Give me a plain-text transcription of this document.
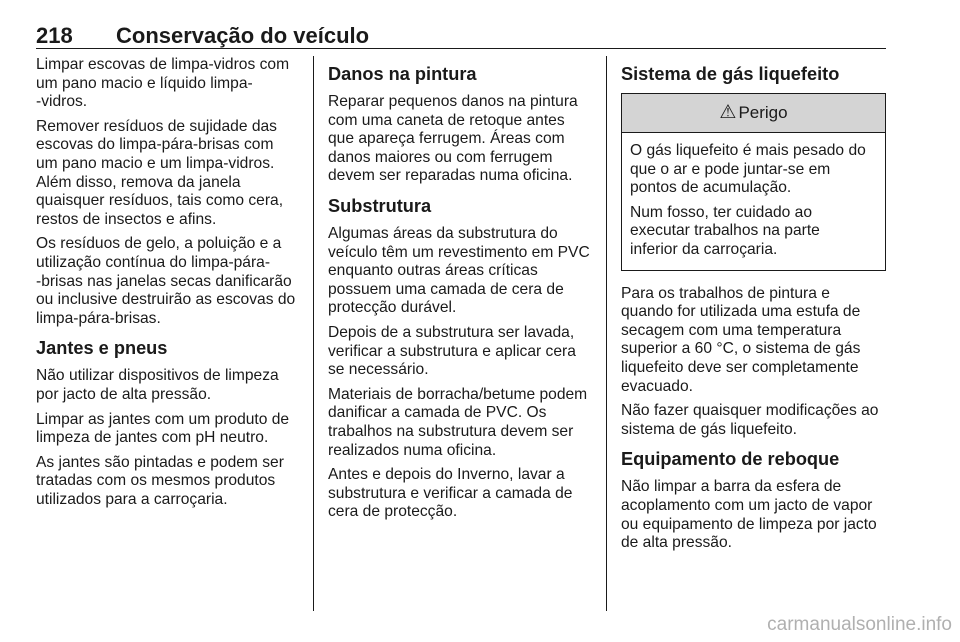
218 Conservação do veículo

Limpar escovas de limpa-vidros com
um pano macio e líquido limpa-
-vidros.

Remover resíduos de sujidade das
escovas do limpa-pára-brisas com
um pano macio e um limpa-vidros.
Além disso, remova da janela
quaisquer resíduos, tais como cera,
restos de insectos e afins.

Os resíduos de gelo, a poluição e a
utilização contínua do limpa-pára-
-brisas nas janelas secas danificarão
ou inclusive destruirão as escovas do
limpa-pára-brisas.

Jantes e pneus

Não utilizar dispositivos de limpeza
por jacto de alta pressão.

Limpar as jantes com um produto de
limpeza de jantes com pH neutro.

As jantes são pintadas e podem ser
tratadas com os mesmos produtos
utilizados para a carroçaria.

Danos na pintura

Reparar pequenos danos na pintura
com uma caneta de retoque antes
que apareça ferrugem. Áreas com
danos maiores ou com ferrugem
devem ser reparadas numa oficina.

Substrutura

Algumas áreas da substrutura do
veículo têm um revestimento em PVC
enquanto outras áreas críticas
possuem uma camada de cera de
protecção durável.

Depois de a substrutura ser lavada,
verificar a substrutura e aplicar cera
se necessário.

Materiais de borracha/betume podem
danificar a camada de PVC. Os
trabalhos na substrutura devem ser
realizados numa oficina.

Antes e depois do Inverno, lavar a
substrutura e verificar a camada de
cera de protecção.

Sistema de gás liquefeito
⚠ Perigo

O gás liquefeito é mais pesado do
que o ar e pode juntar-se em
pontos de acumulação.

Num fosso, ter cuidado ao
executar trabalhos na parte
inferior da carroçaria.

Para os trabalhos de pintura e
quando for utilizada uma estufa de
secagem com uma temperatura
superior a 60 °C, o sistema de gás
liquefeito deve ser completamente
evacuado.

Não fazer quaisquer modificações ao
sistema de gás liquefeito.

Equipamento de reboque

Não limpar a barra da esfera de
acoplamento com um jacto de vapor
ou equipamento de limpeza por jacto
de alta pressão.

carmanualsonline.info
